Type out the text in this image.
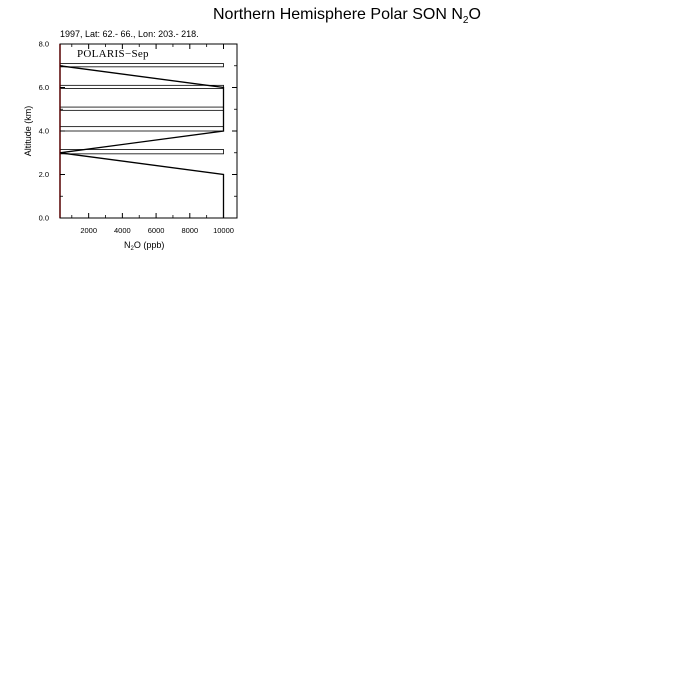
Northern Hemisphere Polar SON $N_2O$
1997, Lat: 62.- 66., Lon: 203.- 218.
POLARIS−Sep
2000 4000 6000 8000 10000
0.0
2.0
4.0
6.0
8.0
Altitude (km)
$N_2O$ (ppb)
